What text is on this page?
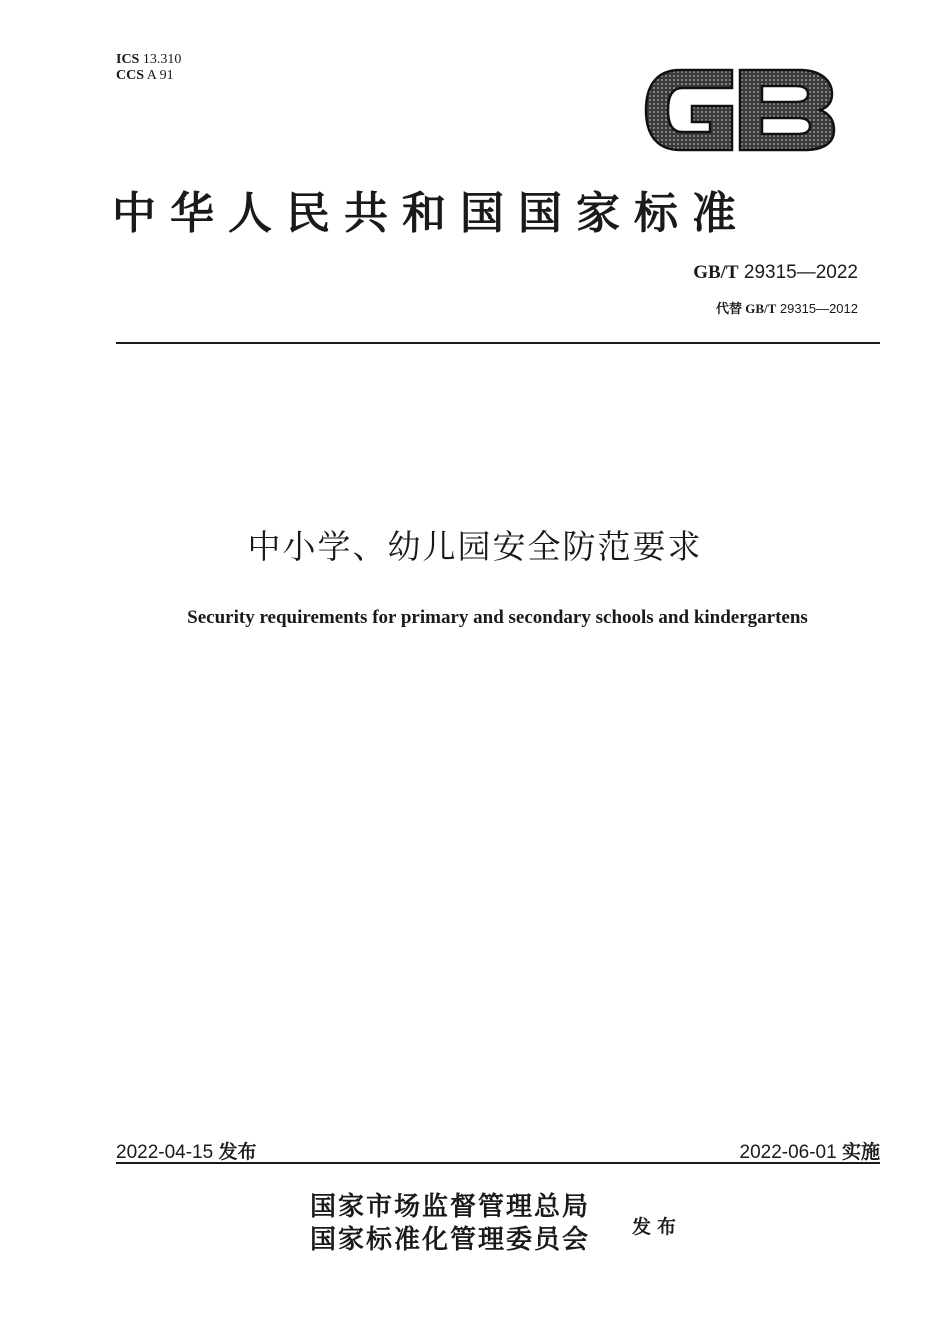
ICS 13.310
CCS A 91
中华人民共和国国家标准
GB/T 29315—2022
代替 GB/T 29315—2012
中小学、幼儿园安全防范要求
Security requirements for primary and secondary schools and kindergartens
2022-04-15 发布	2022-06-01 实施
国家市场监督管理总局
国家标准化管理委员会 发布
